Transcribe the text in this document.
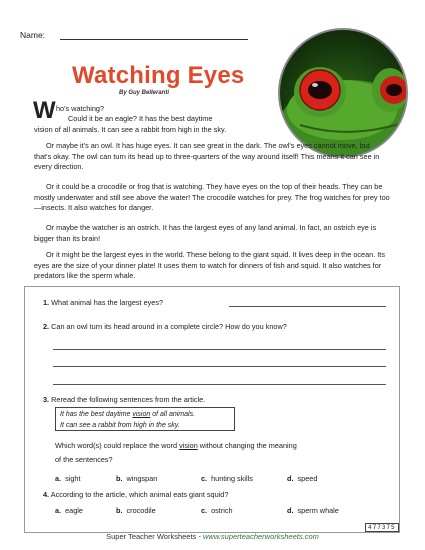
Name:
Watching Eyes
By Guy Belleranti
W ho's watching?
Could it be an eagle? It has the best daytime
vision of all animals. It can see a rabbit from high in the sky.
Or maybe it's an owl. It has huge eyes. It can see great in the dark. The owl's eyes cannot move, but that's okay. The owl can turn its head up to three-quarters of the way around itself! This means it can see in every direction.
Or it could be a crocodile or frog that is watching. They have eyes on the top of their heads. They can be mostly underwater and still see above the water! The crocodile watches for prey. The frog watches for prey too—insects. It also watches for danger.
Or maybe the watcher is an ostrich. It has the largest eyes of any land animal. In fact, an ostrich eye is bigger than its brain!
Or it might be the largest eyes in the world. These belong to the giant squid. It lives deep in the ocean. Its eyes are the size of your dinner plate! It uses them to watch for dinners of fish and squid. It also watches for predators like the sperm whale.
1. What animal has the largest eyes?
2. Can an owl turn its head around in a complete circle? How do you know?
3. Reread the following sentences from the article.
It has the best daytime vision of all animals.
It can see a rabbit from high in the sky.
Which word(s) could replace the word vision without changing the meaning
of the sentences?
a. sight	b. wingspan	c. hunting skills	d. speed
4. According to the article, which animal eats giant squid?
a. eagle	b. crocodile	c. ostrich	d. sperm whale
477375
Super Teacher Worksheets - www.superteacherworksheets.com
